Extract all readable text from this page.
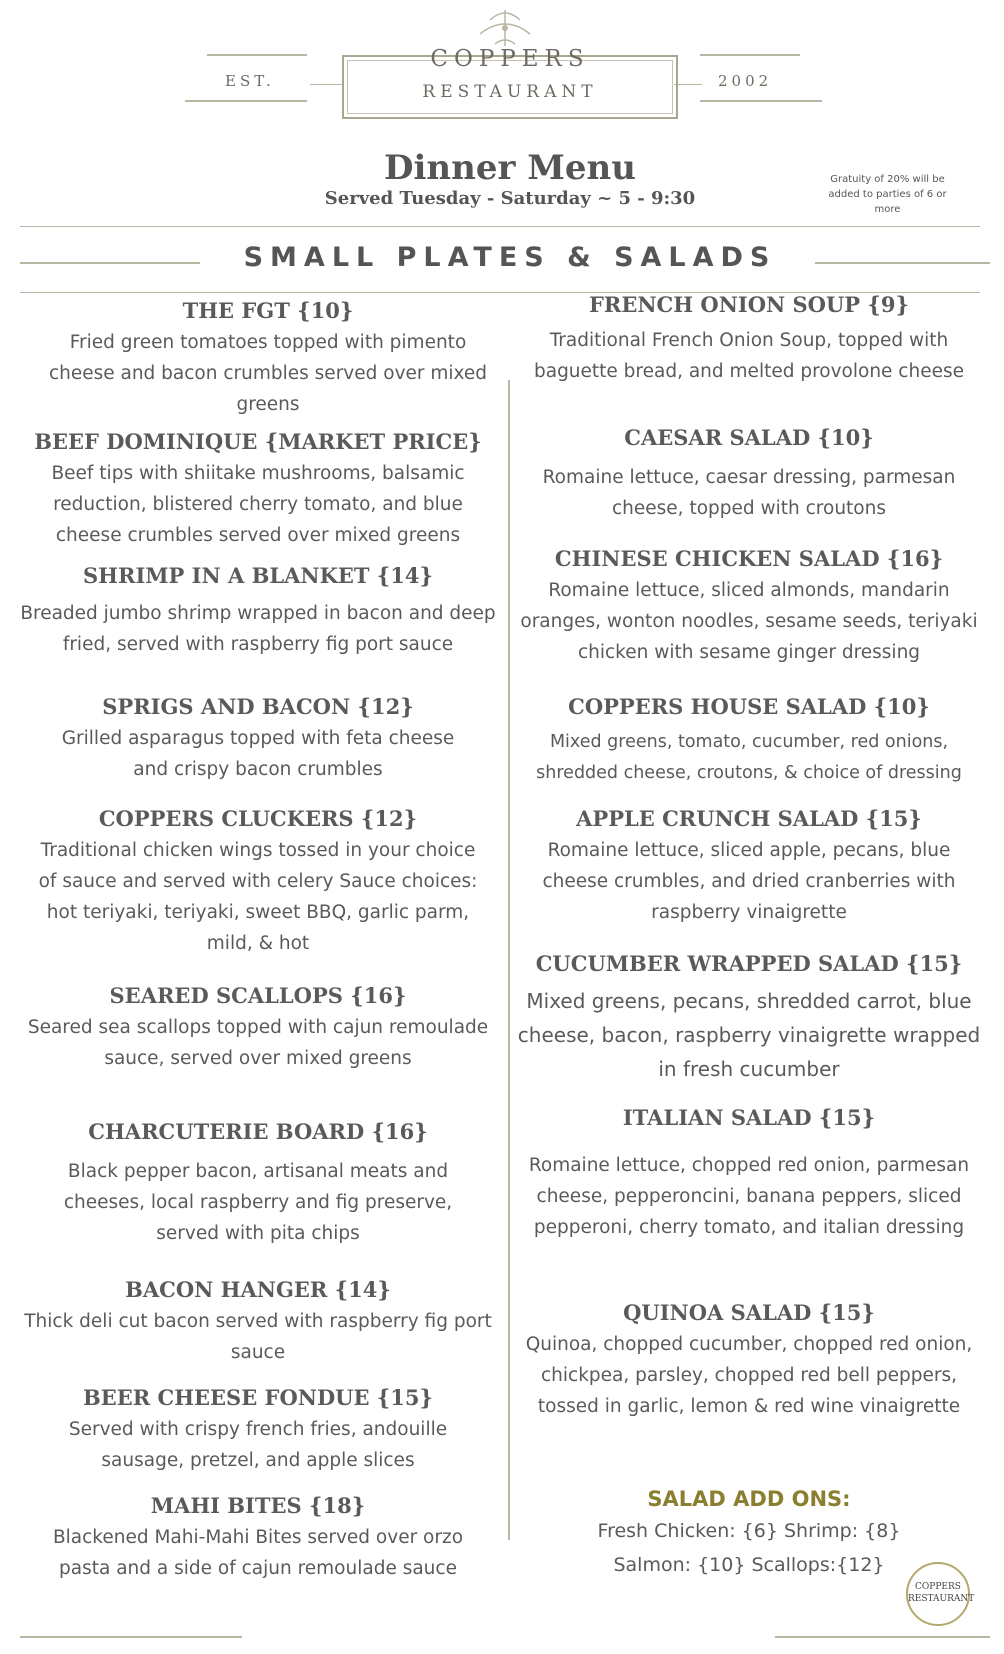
EST.	2002
COPPERS
RESTAURANT
Dinner Menu
Served Tuesday - Saturday ~ 5 - 9:30
Gratuity of 20% will be added to parties of 6 or more
SMALL PLATES & SALADS
THE FGT {10}
Fried green tomatoes topped with pimento cheese and bacon crumbles served over mixed greens
BEEF DOMINIQUE {MARKET PRICE}
Beef tips with shiitake mushrooms, balsamic reduction, blistered cherry tomato, and blue cheese crumbles served over mixed greens
SHRIMP IN A BLANKET {14}
Breaded jumbo shrimp wrapped in bacon and deep fried, served with raspberry fig port sauce
SPRIGS AND BACON {12}
Grilled asparagus topped with feta cheese and crispy bacon crumbles
COPPERS CLUCKERS {12}
Traditional chicken wings tossed in your choice of sauce and served with celery Sauce choices: hot teriyaki, teriyaki, sweet BBQ, garlic parm, mild, & hot
SEARED SCALLOPS {16}
Seared sea scallops topped with cajun remoulade sauce, served over mixed greens
CHARCUTERIE BOARD {16}
Black pepper bacon, artisanal meats and cheeses, local raspberry and fig preserve, served with pita chips
BACON HANGER {14}
Thick deli cut bacon served with raspberry fig port sauce
BEER CHEESE FONDUE {15}
Served with crispy french fries, andouille sausage, pretzel, and apple slices
MAHI BITES {18}
Blackened Mahi-Mahi Bites served over orzo pasta and a side of cajun remoulade sauce
FRENCH ONION SOUP {9}
Traditional French Onion Soup, topped with baguette bread, and melted provolone cheese
CAESAR SALAD {10}
Romaine lettuce, caesar dressing, parmesan cheese, topped with croutons
CHINESE CHICKEN SALAD {16}
Romaine lettuce, sliced almonds, mandarin oranges, wonton noodles, sesame seeds, teriyaki chicken with sesame ginger dressing
COPPERS HOUSE SALAD {10}
Mixed greens, tomato, cucumber, red onions, shredded cheese, croutons, & choice of dressing
APPLE CRUNCH SALAD {15}
Romaine lettuce, sliced apple, pecans, blue cheese crumbles, and dried cranberries with raspberry vinaigrette
CUCUMBER WRAPPED SALAD {15}
Mixed greens, pecans, shredded carrot, blue cheese, bacon, raspberry vinaigrette wrapped in fresh cucumber
ITALIAN SALAD {15}
Romaine lettuce, chopped red onion, parmesan cheese, pepperoncini, banana peppers, sliced pepperoni, cherry tomato, and italian dressing
QUINOA SALAD {15}
Quinoa, chopped cucumber, chopped red onion, chickpea, parsley, chopped red bell peppers, tossed in garlic, lemon & red wine vinaigrette
SALAD ADD ONS:
Fresh Chicken: {6} Shrimp: {8}
Salmon: {10} Scallops:{12}
COPPERS
RESTAURANT
